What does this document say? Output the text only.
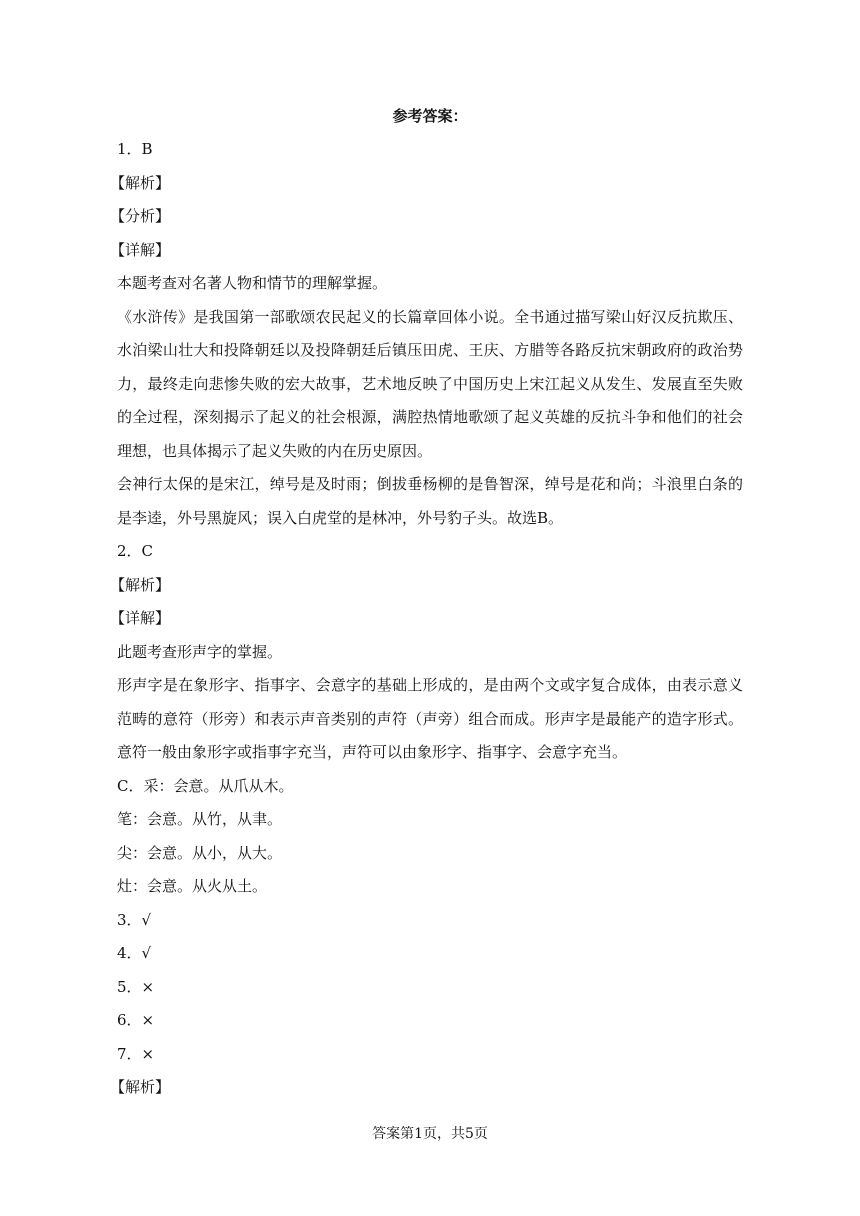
参考答案：
1．B
【解析】
【分析】
【详解】
本题考查对名著人物和情节的理解掌握。
《水浒传》是我国第一部歌颂农民起义的长篇章回体小说。全书通过描写梁山好汉反抗欺压、水泊梁山壮大和投降朝廷以及投降朝廷后镇压田虎、王庆、方腊等各路反抗宋朝政府的政治势力，最终走向悲惨失败的宏大故事，艺术地反映了中国历史上宋江起义从发生、发展直至失败的全过程，深刻揭示了起义的社会根源，满腔热情地歌颂了起义英雄的反抗斗争和他们的社会理想，也具体揭示了起义失败的内在历史原因。
会神行太保的是宋江，绰号是及时雨；倒拔垂杨柳的是鲁智深，绰号是花和尚；斗浪里白条的是李逵，外号黑旋风；误入白虎堂的是林冲，外号豹子头。故选B。
2．C
【解析】
【详解】
此题考查形声字的掌握。
形声字是在象形字、指事字、会意字的基础上形成的，是由两个文或字复合成体，由表示意义范畴的意符（形旁）和表示声音类别的声符（声旁）组合而成。形声字是最能产的造字形式。意符一般由象形字或指事字充当，声符可以由象形字、指事字、会意字充当。
C．采：会意。从爪从木。
笔：会意。从竹，从聿。
尖：会意。从小，从大。
灶：会意。从火从土。
3．√
4．√
5．×
6．×
7．×
【解析】
答案第1页，共5页
